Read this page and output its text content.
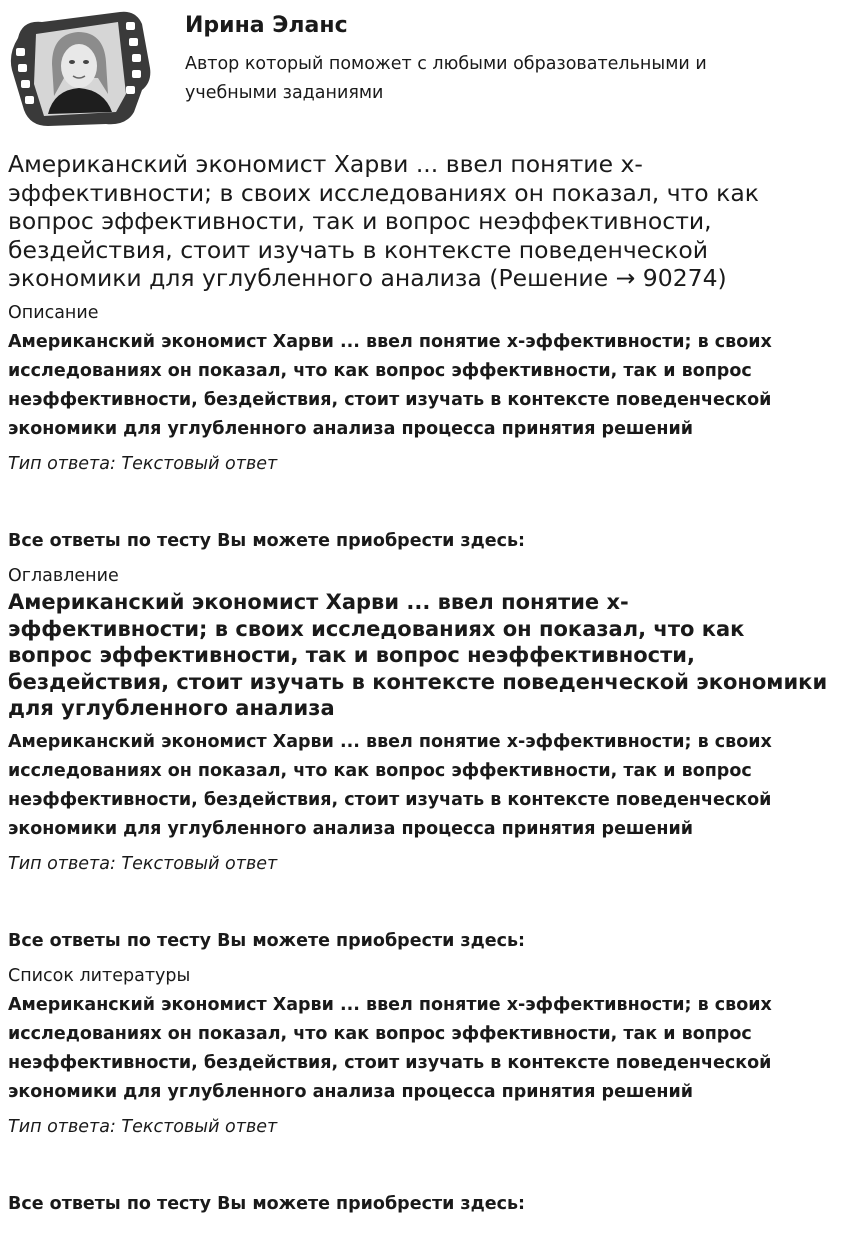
Ирина Эланс

Автор который поможет с любыми образовательными и учебными заданиями

Американский экономист Харви ... ввел понятие x-эффективности; в своих исследованиях он показал, что как вопрос эффективности, так и вопрос неэффективности, бездействия, стоит изучать в контексте поведенческой экономики для углубленного анализа (Решение → 90274)
Описание

Американский экономист Харви ... ввел понятие x-эффективности; в своих исследованиях он показал, что как вопрос эффективности, так и вопрос неэффективности, бездействия, стоит изучать в контексте поведенческой экономики для углубленного анализа процесса принятия решений

Тип ответа: Текстовый ответ

Все ответы по тесту Вы можете приобрести здесь:

Оглавление
Американский экономист Харви ... ввел понятие x-эффективности; в своих исследованиях он показал, что как вопрос эффективности, так и вопрос неэффективности, бездействия, стоит изучать в контексте поведенческой экономики для углубленного анализа

Американский экономист Харви ... ввел понятие x-эффективности; в своих исследованиях он показал, что как вопрос эффективности, так и вопрос неэффективности, бездействия, стоит изучать в контексте поведенческой экономики для углубленного анализа процесса принятия решений

Тип ответа: Текстовый ответ

Все ответы по тесту Вы можете приобрести здесь:

Список литературы

Американский экономист Харви ... ввел понятие x-эффективности; в своих исследованиях он показал, что как вопрос эффективности, так и вопрос неэффективности, бездействия, стоит изучать в контексте поведенческой экономики для углубленного анализа процесса принятия решений

Тип ответа: Текстовый ответ

Все ответы по тесту Вы можете приобрести здесь:
